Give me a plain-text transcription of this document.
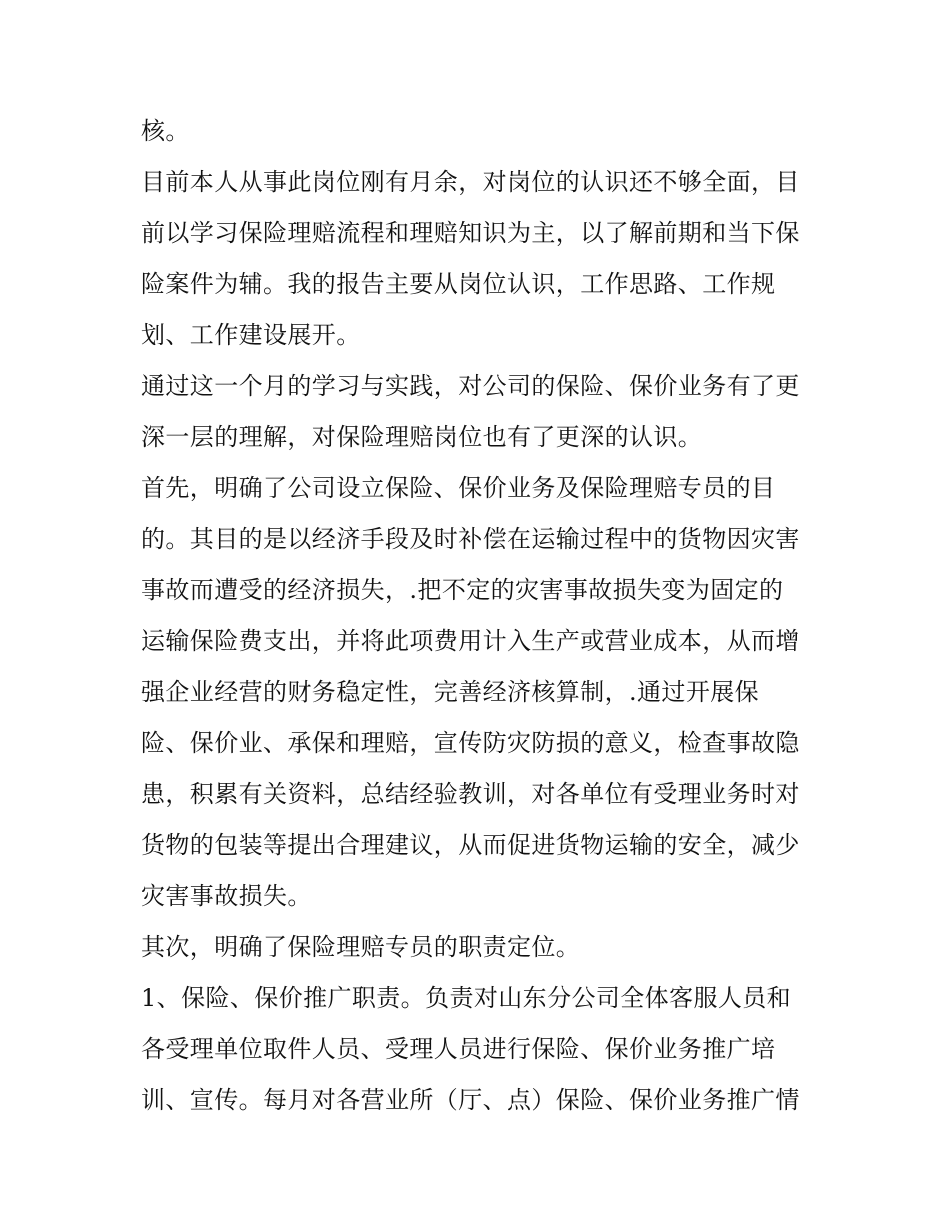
核。
目前本人从事此岗位刚有月余，对岗位的认识还不够全面，目
前以学习保险理赔流程和理赔知识为主，以了解前期和当下保
险案件为辅。我的报告主要从岗位认识，工作思路、工作规
划、工作建设展开。
通过这一个月的学习与实践，对公司的保险、保价业务有了更
深一层的理解，对保险理赔岗位也有了更深的认识。
首先，明确了公司设立保险、保价业务及保险理赔专员的目
的。其目的是以经济手段及时补偿在运输过程中的货物因灾害
事故而遭受的经济损失，.把不定的灾害事故损失变为固定的
运输保险费支出，并将此项费用计入生产或营业成本，从而增
强企业经营的财务稳定性，完善经济核算制，.通过开展保
险、保价业、承保和理赔，宣传防灾防损的意义，检查事故隐
患，积累有关资料，总结经验教训，对各单位有受理业务时对
货物的包装等提出合理建议，从而促进货物运输的安全，减少
灾害事故损失。
其次，明确了保险理赔专员的职责定位。
1、保险、保价推广职责。负责对山东分公司全体客服人员和
各受理单位取件人员、受理人员进行保险、保价业务推广培
训、宣传。每月对各营业所（厅、点）保险、保价业务推广情
